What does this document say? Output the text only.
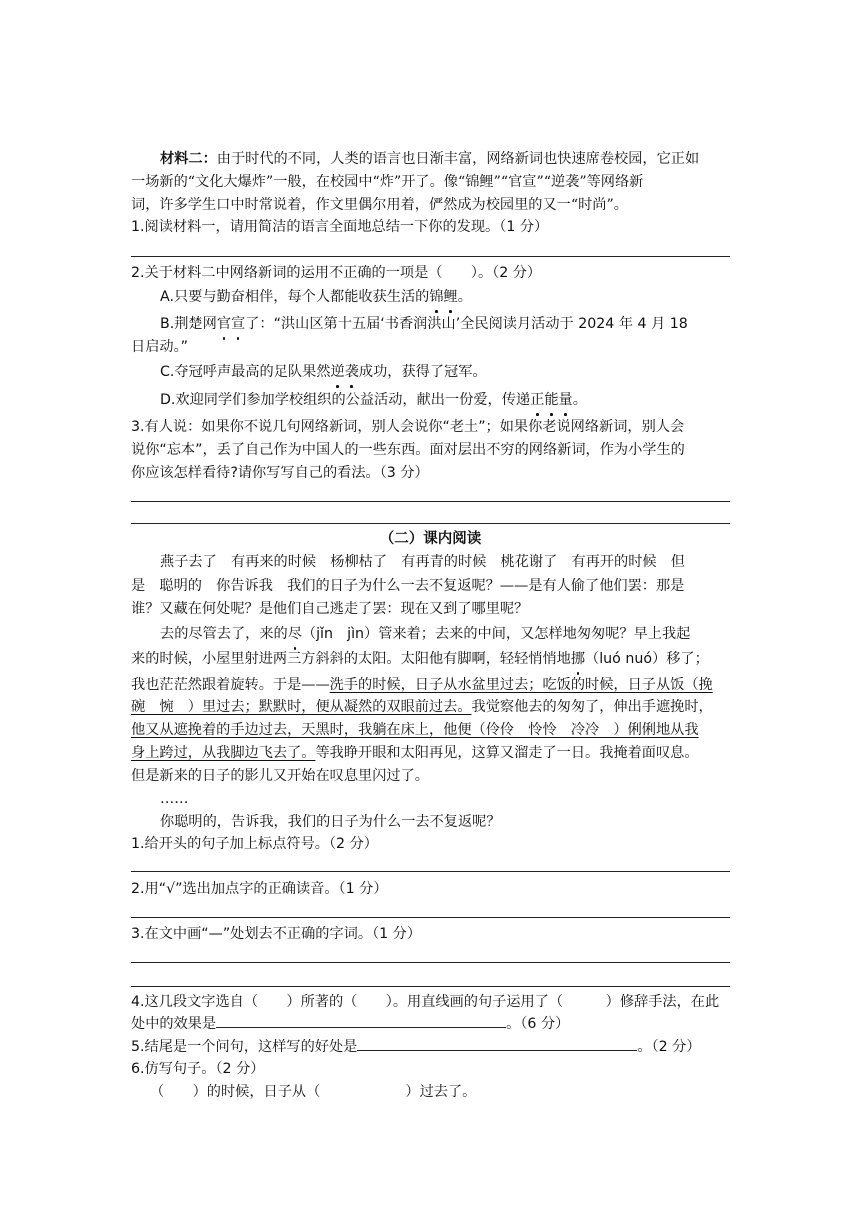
材料二：由于时代的不同，人类的语言也日渐丰富，网络新词也快速席卷校园，它正如
一场新的“文化大爆炸”一般，在校园中“炸”开了。像“锦鲤”“官宣”“逆袭”等网络新
词，许多学生口中时常说着，作文里偶尔用着，俨然成为校园里的又一“时尚”。
1.阅读材料一，请用简洁的语言全面地总结一下你的发现。（1 分）
2.关于材料二中网络新词的运用不正确的一项是（　　）。（2 分）
A.只要与勤奋相伴，每个人都能收获生活的锦鲤。
B.荆楚网官宣了：“洪山区第十五届‘书香润洪山’全民阅读月活动于 2024 年 4 月 18
日启动。”
C.夺冠呼声最高的足队果然逆袭成功，获得了冠军。
D.欢迎同学们参加学校组织的公益活动，献出一份爱，传递正能量。
3.有人说：如果你不说几句网络新词，别人会说你“老土”；如果你老说网络新词，别人会
说你“忘本”，丢了自己作为中国人的一些东西。面对层出不穷的网络新词，作为小学生的
你应该怎样看待?请你写写自己的看法。（3 分）
（二）课内阅读
燕子去了　有再来的时候　杨柳枯了　有再青的时候　桃花谢了　有再开的时候　但
是　聪明的　你告诉我　我们的日子为什么一去不复返呢？——是有人偷了他们罢：那是
谁？又藏在何处呢？是他们自己逃走了罢：现在又到了哪里呢？
去的尽管去了，来的尽（jǐn　jìn）管来着；去来的中间，又怎样地匆匆呢？早上我起
来的时候，小屋里射进两三方斜斜的太阳。太阳他有脚啊，轻轻悄悄地挪（luó nuó）移了；
我也茫茫然跟着旋转。于是——洗手的时候，日子从水盆里过去；吃饭的时候，日子从饭（挽
碗　惋　）里过去；默默时，便从凝然的双眼前过去。我觉察他去的匆匆了，伸出手遮挽时，
他又从遮挽着的手边过去，天黑时，我躺在床上，他便（伶伶　怜怜　冷冷　）俐俐地从我
身上跨过，从我脚边飞去了。等我睁开眼和太阳再见，这算又溜走了一日。我掩着面叹息。
但是新来的日子的影儿又开始在叹息里闪过了。
……
你聪明的，告诉我，我们的日子为什么一去不复返呢？
1.给开头的句子加上标点符号。（2 分）
2.用“√”选出加点字的正确读音。（1 分）
3.在文中画“—”处划去不正确的字词。（1 分）
4.这几段文字选自（　　）所著的（　　）。用直线画的句子运用了（　　　）修辞手法，在此
处中的效果是	。（6 分）
5.结尾是一个问句，这样写的好处是	。（2 分）
6.仿写句子。（2 分）
（　　）的时候，日子从（　　　　　　）过去了。
